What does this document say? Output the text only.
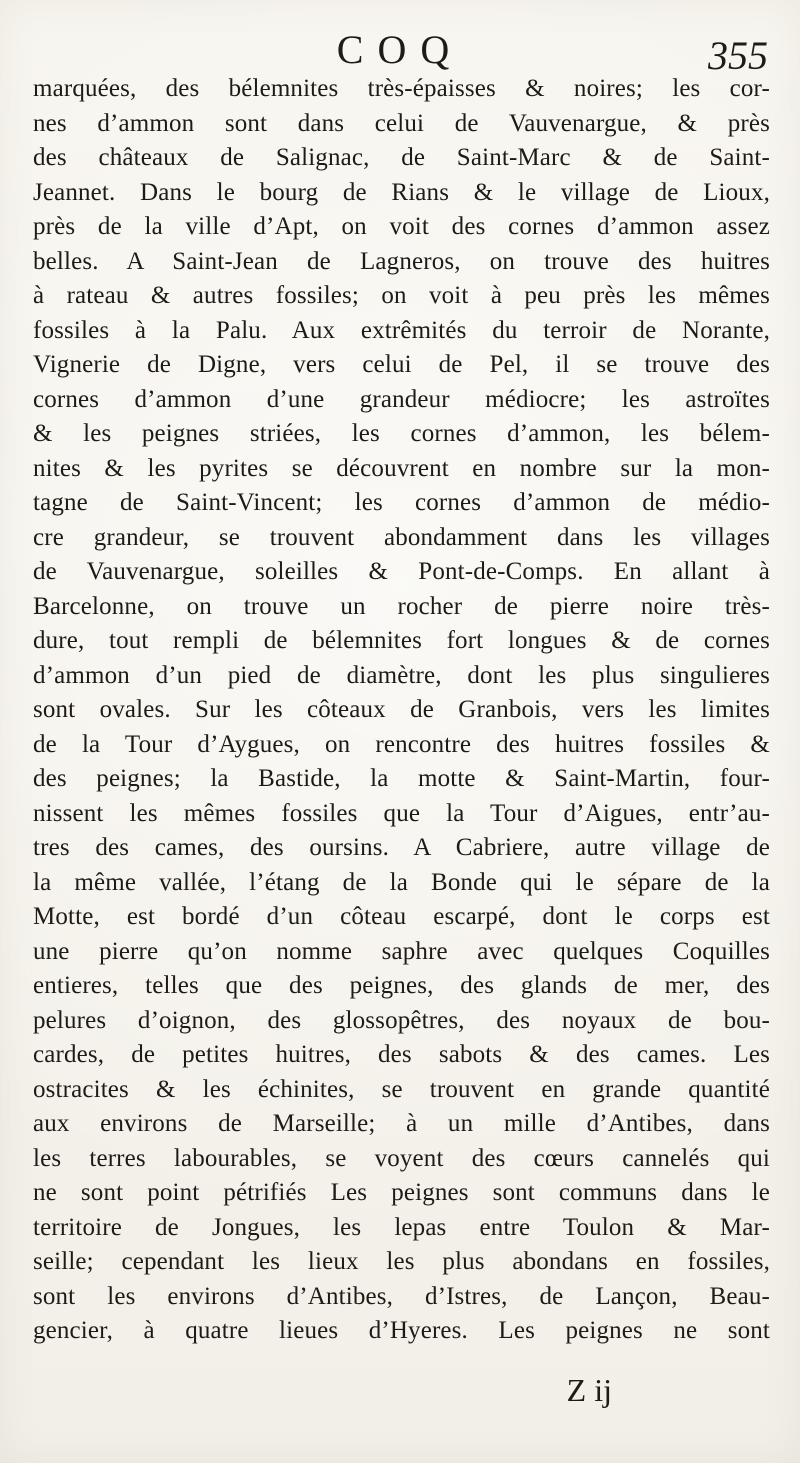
COQ	355
marquées, des bélemnites très-épaisses & noires; les cor-
nes d’ammon sont dans celui de Vauvenargue, & près
des châteaux de Salignac, de Saint-Marc & de Saint-
Jeannet. Dans le bourg de Rians & le village de Lioux,
près de la ville d’Apt, on voit des cornes d’ammon assez
belles. A Saint-Jean de Lagneros, on trouve des huitres
à rateau & autres fossiles; on voit à peu près les mêmes
fossiles à la Palu. Aux extrêmités du terroir de Norante,
Vignerie de Digne, vers celui de Pel, il se trouve des
cornes d’ammon d’une grandeur médiocre; les astroïtes
& les peignes striées, les cornes d’ammon, les bélem-
nites & les pyrites se découvrent en nombre sur la mon-
tagne de Saint-Vincent; les cornes d’ammon de médio-
cre grandeur, se trouvent abondamment dans les villages
de Vauvenargue, soleilles & Pont-de-Comps. En allant à
Barcelonne, on trouve un rocher de pierre noire très-
dure, tout rempli de bélemnites fort longues & de cornes
d’ammon d’un pied de diamètre, dont les plus singulieres
sont ovales. Sur les côteaux de Granbois, vers les limites
de la Tour d’Aygues, on rencontre des huitres fossiles &
des peignes; la Bastide, la motte & Saint-Martin, four-
nissent les mêmes fossiles que la Tour d’Aigues, entr’au-
tres des cames, des oursins. A Cabriere, autre village de
la même vallée, l’étang de la Bonde qui le sépare de la
Motte, est bordé d’un côteau escarpé, dont le corps est
une pierre qu’on nomme saphre avec quelques Coquilles
entieres, telles que des peignes, des glands de mer, des
pelures d’oignon, des glossopêtres, des noyaux de bou-
cardes, de petites huitres, des sabots & des cames. Les
ostracites & les échinites, se trouvent en grande quantité
aux environs de Marseille; à un mille d’Antibes, dans
les terres labourables, se voyent des cœurs cannelés qui
ne sont point pétrifiés Les peignes sont communs dans le
territoire de Jongues, les lepas entre Toulon & Mar-
seille; cependant les lieux les plus abondans en fossiles,
sont les environs d’Antibes, d’Istres, de Lançon, Beau-
gencier, à quatre lieues d’Hyeres. Les peignes ne sont
Z ij
